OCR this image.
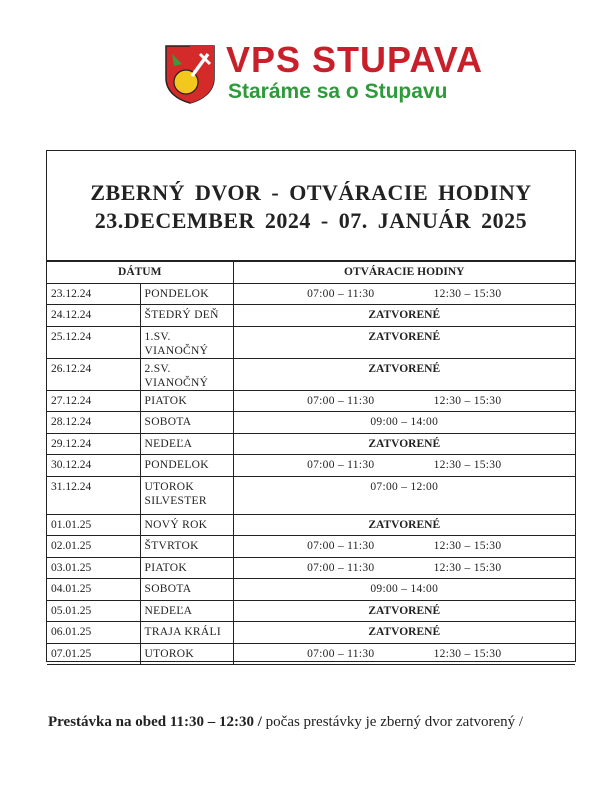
VPS STUPAVA
Staráme sa o Stupavu
ZBERNÝ DVOR - OTVÁRACIE HODINY
23.DECEMBER 2024 - 07. JANUÁR 2025
DÁTUM		OTVÁRACIE HODINY
23.12.24	PONDELOK	07:00 – 11:30 12:30 – 15:30

24.12.24	ŠTEDRÝ DEŇ	ZATVORENÉ
25.12.24	1.SV. VIANOČNÝ	ZATVORENÉ
26.12.24	2.SV. VIANOČNÝ	ZATVORENÉ
27.12.24	PIATOK	07:00 – 11:30 12:30 – 15:30

28.12.24	SOBOTA	09:00 – 14:00
29.12.24	NEDEĽA	ZATVORENÉ
30.12.24	PONDELOK	07:00 – 11:30 12:30 – 15:30

31.12.24	UTOROK
SILVESTER	07:00 – 12:00
01.01.25	NOVÝ ROK	ZATVORENÉ
02.01.25	ŠTVRTOK	07:00 – 11:30 12:30 – 15:30

03.01.25	PIATOK	07:00 – 11:30 12:30 – 15:30

04.01.25	SOBOTA	09:00 – 14:00
05.01.25	NEDEĽA	ZATVORENÉ
06.01.25	TRAJA KRÁLI	ZATVORENÉ
07.01.25	UTOROK	07:00 – 11:30 12:30 – 15:30
Prestávka na obed 11:30 – 12:30 / počas prestávky je zberný dvor zatvorený /
